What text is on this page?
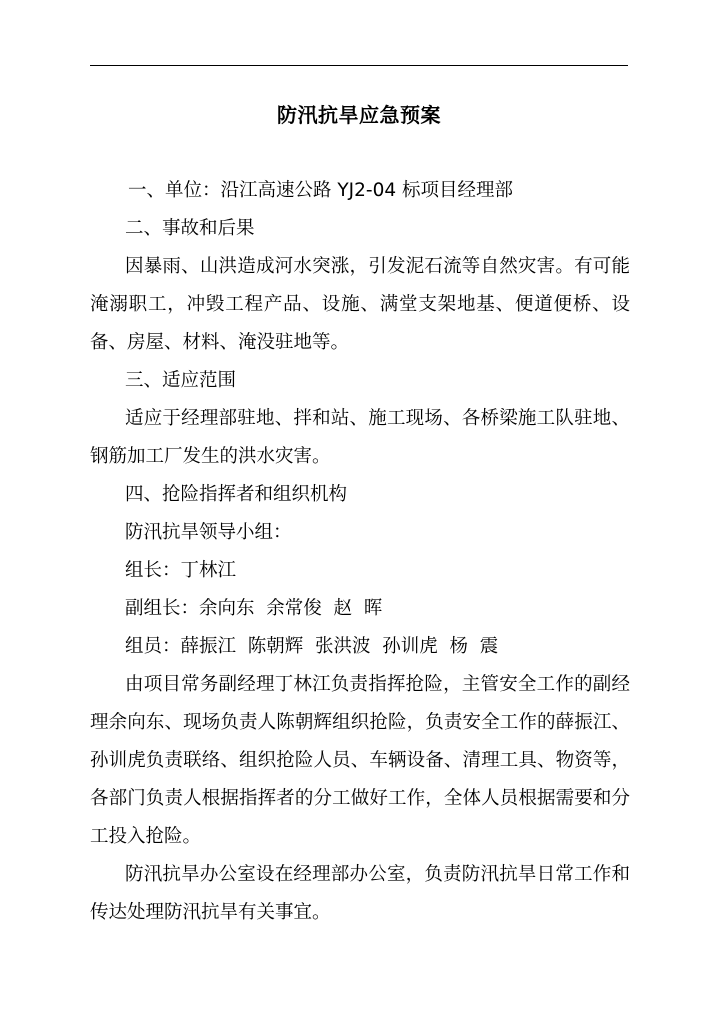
防汛抗旱应急预案

一、单位：沿江高速公路 YJ2-04 标项目经理部

二、事故和后果

因暴雨、山洪造成河水突涨，引发泥石流等自然灾害。有可能淹溺职工，冲毁工程产品、设施、满堂支架地基、便道便桥、设备、房屋、材料、淹没驻地等。

三、适应范围

适应于经理部驻地、拌和站、施工现场、各桥梁施工队驻地、钢筋加工厂发生的洪水灾害。

四、抢险指挥者和组织机构

防汛抗旱领导小组：

组长：丁林江

副组长：余向东  余常俊  赵  晖

组员：薛振江  陈朝辉  张洪波  孙训虎  杨  震

由项目常务副经理丁林江负责指挥抢险，主管安全工作的副经理余向东、现场负责人陈朝辉组织抢险，负责安全工作的薛振江、孙训虎负责联络、组织抢险人员、车辆设备、清理工具、物资等，各部门负责人根据指挥者的分工做好工作，全体人员根据需要和分工投入抢险。

防汛抗旱办公室设在经理部办公室，负责防汛抗旱日常工作和传达处理防汛抗旱有关事宜。
